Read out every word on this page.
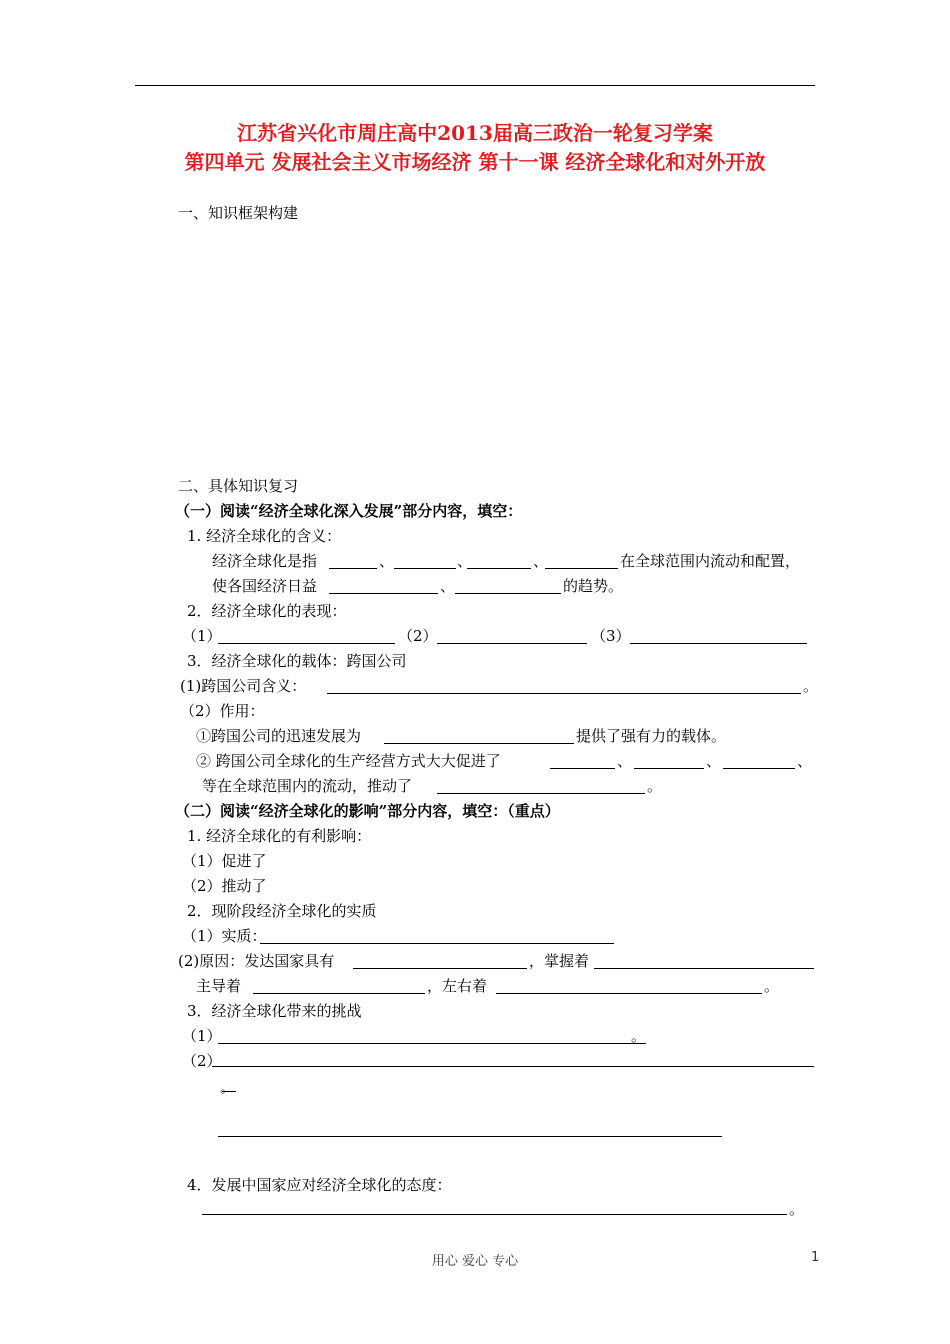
江苏省兴化市周庄高中2013届高三政治一轮复习学案
第四单元 发展社会主义市场经济 第十一课 经济全球化和对外开放
一、知识框架构建
二、具体知识复习
（一）阅读“经济全球化深入发展”部分内容，填空：
1. 经济全球化的含义：
经济全球化是指	、	、	、	在全球范围内流动和配置，
使各国经济日益	、	的趋势。
2．经济全球化的表现：
（1）	（2）	（3）
3．经济全球化的载体：跨国公司
(1)跨国公司含义：	。
（2）作用：
①跨国公司的迅速发展为	提供了强有力的载体。
② 跨国公司全球化的生产经营方式大大促进了	、	、	、
等在全球范围内的流动，推动了	。
（二）阅读“经济全球化的影响”部分内容，填空：（重点）
1. 经济全球化的有利影响：
（1）促进了
（2）推动了
2．现阶段经济全球化的实质
（1）实质：
(2)原因：发达国家具有	，掌握着
主导着	，左右着	。
3．经济全球化带来的挑战
（1）	。
（2）
。
4．发展中国家应对经济全球化的态度：
。
用心 爱心 专心	1
